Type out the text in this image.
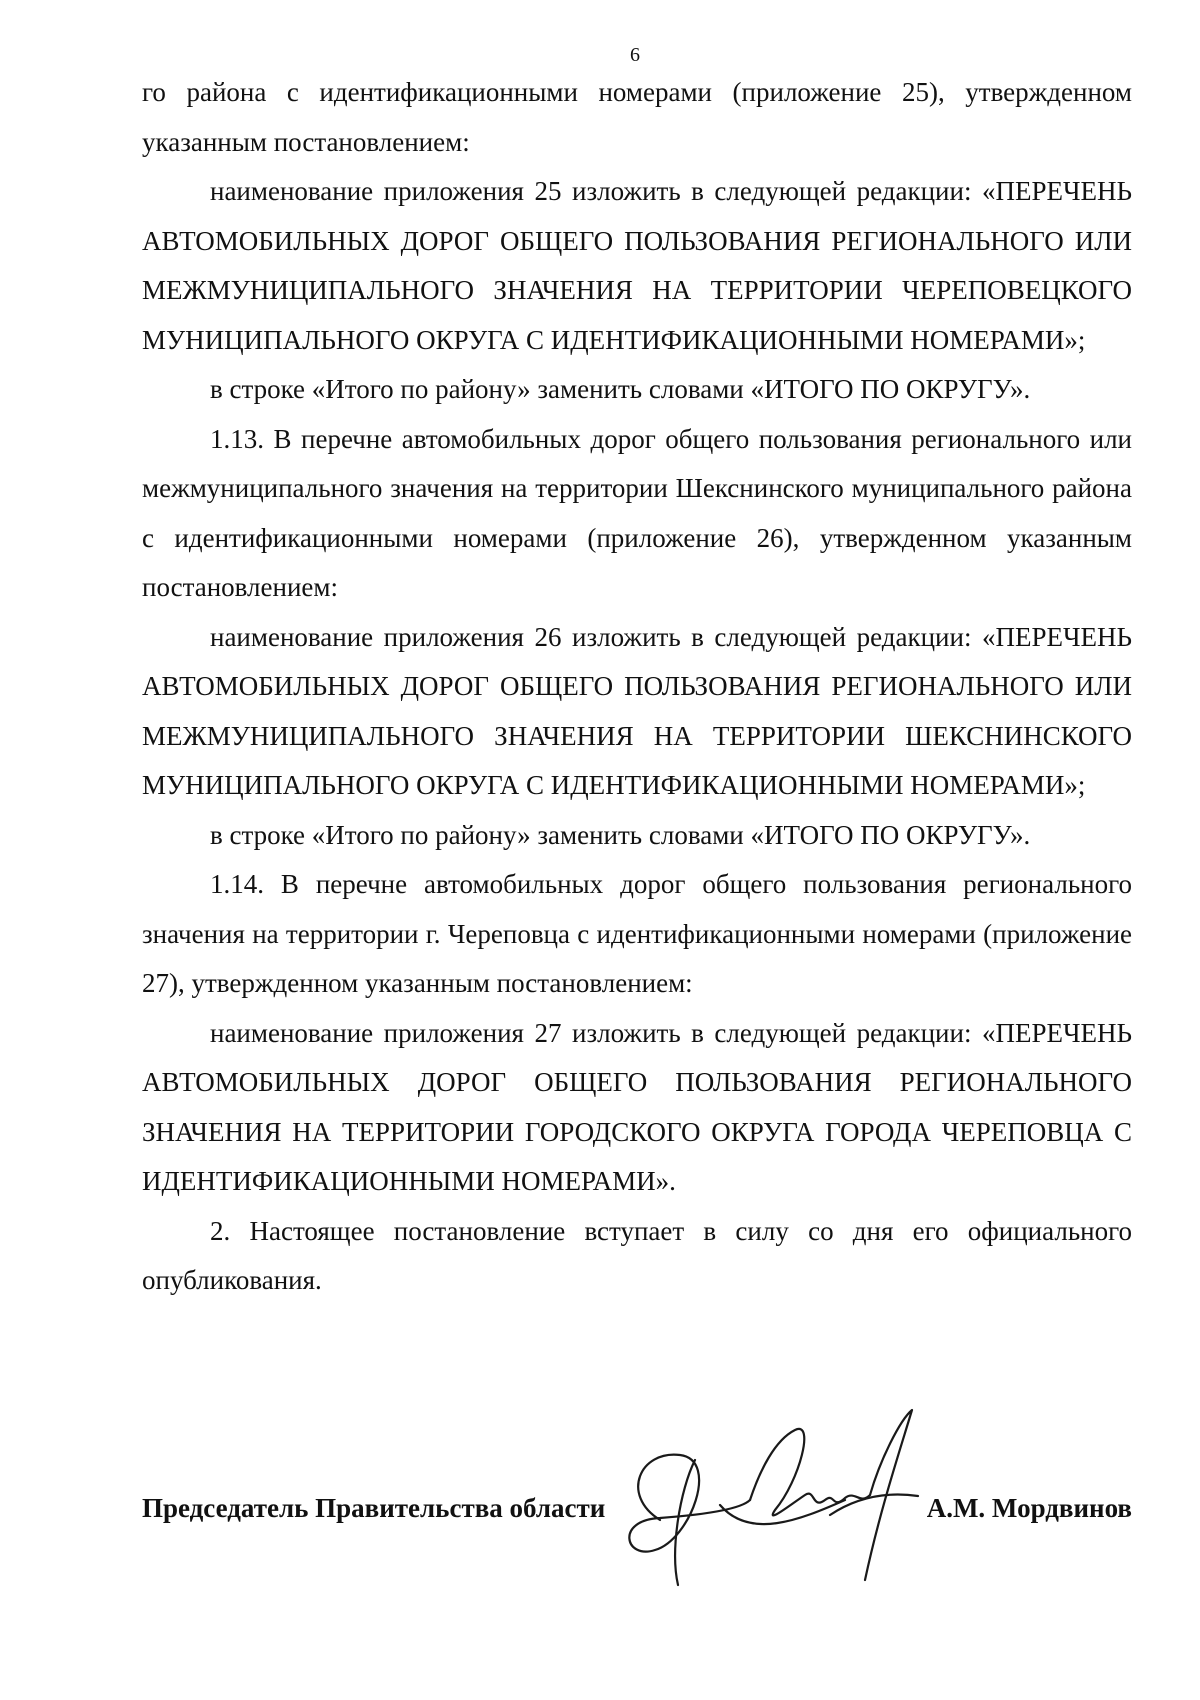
6

го района с идентификационными номерами (приложение 25), утвержденном указанным постановлением:

наименование приложения 25 изложить в следующей редакции: «ПЕРЕЧЕНЬ АВТОМОБИЛЬНЫХ ДОРОГ ОБЩЕГО ПОЛЬЗОВАНИЯ РЕГИОНАЛЬНОГО ИЛИ МЕЖМУНИЦИПАЛЬНОГО ЗНАЧЕНИЯ НА ТЕРРИТОРИИ ЧЕРЕПОВЕЦКОГО МУНИЦИПАЛЬНОГО ОКРУГА С ИДЕНТИФИКАЦИОННЫМИ НОМЕРАМИ»;

в строке «Итого по району» заменить словами «ИТОГО ПО ОКРУГУ».

1.13. В перечне автомобильных дорог общего пользования регионального или межмуниципального значения на территории Шекснинского муниципального района с идентификационными номерами (приложение 26), утвержденном указанным постановлением:

наименование приложения 26 изложить в следующей редакции: «ПЕРЕЧЕНЬ АВТОМОБИЛЬНЫХ ДОРОГ ОБЩЕГО ПОЛЬЗОВАНИЯ РЕГИОНАЛЬНОГО ИЛИ МЕЖМУНИЦИПАЛЬНОГО ЗНАЧЕНИЯ НА ТЕРРИТОРИИ ШЕКСНИНСКОГО МУНИЦИПАЛЬНОГО ОКРУГА С ИДЕНТИФИКАЦИОННЫМИ НОМЕРАМИ»;

в строке «Итого по району» заменить словами «ИТОГО ПО ОКРУГУ».

1.14. В перечне автомобильных дорог общего пользования регионального значения на территории г. Череповца с идентификационными номерами (приложение 27), утвержденном указанным постановлением:

наименование приложения 27 изложить в следующей редакции: «ПЕРЕЧЕНЬ АВТОМОБИЛЬНЫХ ДОРОГ ОБЩЕГО ПОЛЬЗОВАНИЯ РЕГИОНАЛЬНОГО ЗНАЧЕНИЯ НА ТЕРРИТОРИИ ГОРОДСКОГО ОКРУГА ГОРОДА ЧЕРЕПОВЦА С ИДЕНТИФИКАЦИОННЫМИ НОМЕРАМИ».

2. Настоящее постановление вступает в силу со дня его официального опубликования.

Председатель Правительства области	А.М. Мордвинов
